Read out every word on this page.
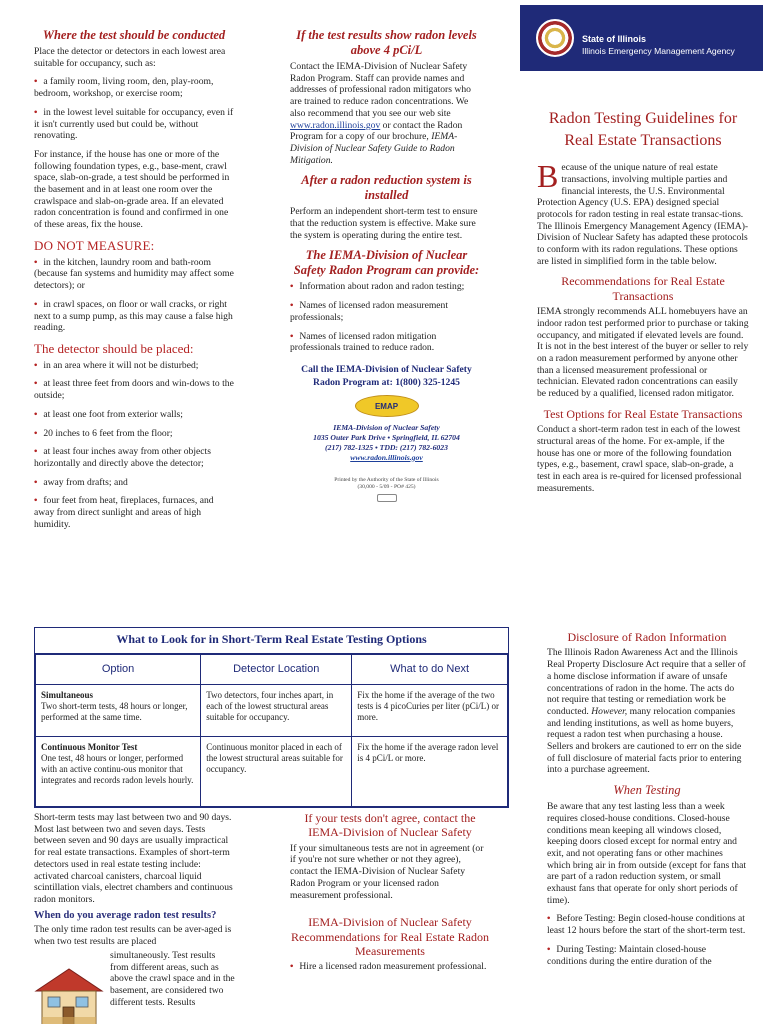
Where the test should be conducted

Place the detector or detectors in each lowest area suitable for occupancy, such as:

• a family room, living room, den, play-room, bedroom, workshop, or exercise room;
• in the lowest level suitable for occupancy, even if it isn't currently used but could be, without renovating.

For instance, if the house has one or more of the following foundation types, e.g., base-ment, crawl space, slab-on-grade, a test should be performed in the basement and in at least one room over the crawlspace and slab-on-grade area. If an elevated radon concentration is found and confirmed in one of these areas, fix the house.

DO NOT MEASURE:
• in the kitchen, laundry room and bath-room (because fan systems and humidity may affect some detectors); or
• in crawl spaces, on floor or wall cracks, or right next to a sump pump, as this may cause a false high reading.
The detector should be placed:
• in an area where it will not be disturbed;
• at least three feet from doors and win-dows to the outside;
• at least one foot from exterior walls;
• 20 inches to 6 feet from the floor;
• at least four inches away from other objects horizontally and directly above the detector;
• away from drafts; and
• four feet from heat, fireplaces, furnaces, and away from direct sunlight and areas of high humidity.
If the test results show radon levels above 4 pCi/L

Contact the IEMA-Division of Nuclear Safety Radon Program. Staff can provide names and addresses of professional radon mitigators who are trained to reduce radon concentrations. We also recommend that you see our web site www.radon.illinois.gov or contact the Radon Program for a copy of our brochure, IEMA-Division of Nuclear Safety Guide to Radon Mitigation.

After a radon reduction system is installed

Perform an independent short-term test to ensure that the reduction system is effective. Make sure the system is operating during the entire test.

The IEMA-Division of Nuclear Safety Radon Program can provide:
• Information about radon and radon testing;
• Names of licensed radon measurement professionals;
• Names of licensed radon mitigation professionals trained to reduce radon.
Call the IEMA-Division of Nuclear Safety Radon Program at: 1(800) 325-1245
EMAP
IEMA-Division of Nuclear Safety
1035 Outer Park Drive • Springfield, IL 62704
(217) 782-1325 • TDD: (217) 782-6023
www.radon.illinois.gov
Printed by the Authority of the State of Illinois
(30,000 - 5/09 - PO# 425)
State of Illinois
Illinois Emergency Management Agency
Radon Testing Guidelines for Real Estate Transactions

Because of the unique nature of real estate transactions, involving multiple parties and financial interests, the U.S. Environmental Protection Agency (U.S. EPA) designed special protocols for radon testing in real estate transac-tions. The Illinois Emergency Management Agency (IEMA)-Division of Nuclear Safety has adapted these protocols to conform with its radon regulations. These options are listed in simplified form in the table below.

Recommendations for Real Estate Transactions

IEMA strongly recommends ALL homebuyers have an indoor radon test performed prior to purchase or taking occupancy, and mitigated if elevated levels are found. It is not in the best interest of the buyer or seller to rely on a radon measurement performed by anyone other than a licensed measurement professional or technician. Elevated radon concentrations can easily be reduced by a qualified, licensed radon mitigator.

Test Options for Real Estate Transactions

Conduct a short-term radon test in each of the lowest structural areas of the home. For ex-ample, if the house has one or more of the following foundation types, e.g., basement, crawl space, slab-on-grade, a test in each area is re-quired for licensed professional measurements.

What to Look for in Short-Term Real Estate Testing Options
Option	Detector Location	What to do Next
Simultaneous
Two short-term tests, 48 hours or longer, performed at the same time.	Two detectors, four inches apart, in each of the lowest structural areas suitable for occupancy.	Fix the home if the average of the two tests is 4 picoCuries per liter (pCi/L) or more.
Continuous Monitor Test
One test, 48 hours or longer, performed with an active continu-ous monitor that integrates and records radon levels hourly.	Continuous monitor placed in each of the lowest structural areas suitable for occupancy.	Fix the home if the average radon level is 4 pCi/L or more.

Short-term tests may last between two and 90 days. Most last between two and seven days. Tests between seven and 90 days are usually impractical for real estate transactions. Examples of short-term detectors used in real estate testing include: activated charcoal canisters, charcoal liquid scintillation vials, electret chambers and continuous radon monitors.

When do you average radon test results?

The only time radon test results can be aver-aged is when two test results are placed

simultaneously. Test results from different areas, such as above the crawl space and in the basement, are considered two different tests. Results

If your tests don't agree, contact the IEMA-Division of Nuclear Safety

If your simultaneous tests are not in agreement (or if you're not sure whether or not they agree), contact the IEMA-Division of Nuclear Safety Radon Program or your licensed radon measurement professional.

IEMA-Division of Nuclear Safety Recommendations for Real Estate Radon Measurements
• Hire a licensed radon measurement professional.
Disclosure of Radon Information

The Illinois Radon Awareness Act and the Illinois Real Property Disclosure Act require that a seller of a home disclose information if aware of unsafe concentrations of radon in the home. The acts do not require that testing or remediation work be conducted. However, many relocation companies and lending institutions, as well as home buyers, request a radon test when purchasing a house. Sellers and brokers are cautioned to err on the side of full disclosure of material facts prior to entering into a purchase agreement.

When Testing

Be aware that any test lasting less than a week requires closed-house conditions. Closed-house conditions mean keeping all windows closed, keeping doors closed except for normal entry and exit, and not operating fans or other machines which bring air in from outside (except for fans that are part of a radon reduction system, or small exhaust fans that operate for only short periods of time).

• Before Testing: Begin closed-house conditions at least 12 hours before the start of the short-term test.
• During Testing: Maintain closed-house conditions during the entire duration of the
